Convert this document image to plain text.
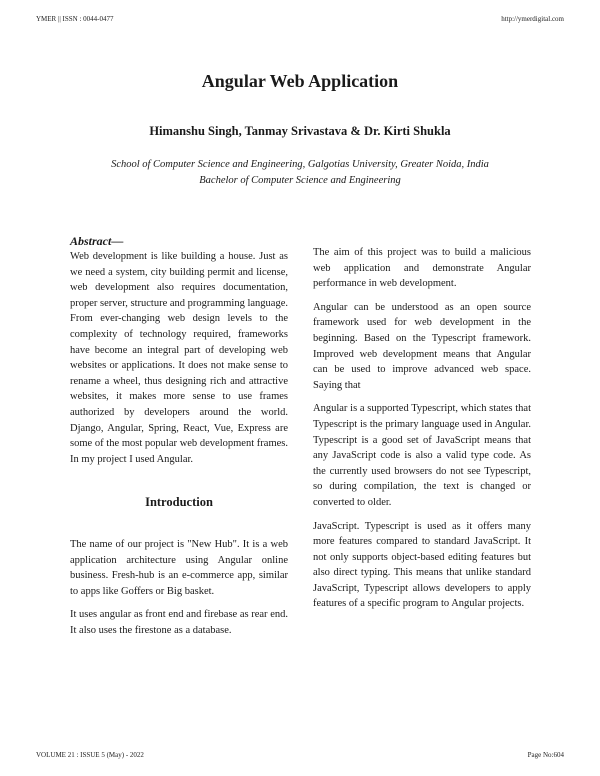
YMER || ISSN : 0044-0477	http://ymerdigital.com
Angular Web Application
Himanshu Singh, Tanmay Srivastava & Dr. Kirti Shukla
School of Computer Science and Engineering, Galgotias University, Greater Noida, India
Bachelor of Computer Science and Engineering
Abstract—

Web development is like building a house. Just as we need a system, city building permit and license, web development also requires documentation, proper server, structure and programming language. From ever-changing web design levels to the complexity of technology required, frameworks have become an integral part of developing web websites or applications. It does not make sense to rename a wheel, thus designing rich and attractive websites, it makes more sense to use frames authorized by developers around the world. Django, Angular, Spring, React, Vue, Express are some of the most popular web development frames. In my project I used Angular.

Introduction

The name of our project is "New Hub". It is a web application architecture using Angular online business. Fresh-hub is an e-commerce app, similar to apps like Goffers or Big basket.

It uses angular as front end and firebase as rear end. It also uses the firestone as a database.

The aim of this project was to build a malicious web application and demonstrate Angular performance in web development.

Angular can be understood as an open source framework used for web development in the beginning. Based on the Typescript framework. Improved web development means that Angular can be used to improve advanced web space. Saying that

Angular is a supported Typescript, which states that Typescript is the primary language used in Angular. Typescript is a good set of JavaScript means that any JavaScript code is also a valid type code. As the currently used browsers do not see Typescript, so during compilation, the text is changed or converted to older.

JavaScript. Typescript is used as it offers many more features compared to standard JavaScript. It not only supports object-based editing features but also direct typing. This means that unlike standard JavaScript, Typescript allows developers to apply features of a specific program to Angular projects.

VOLUME 21 : ISSUE 5 (May) - 2022	Page No:604
